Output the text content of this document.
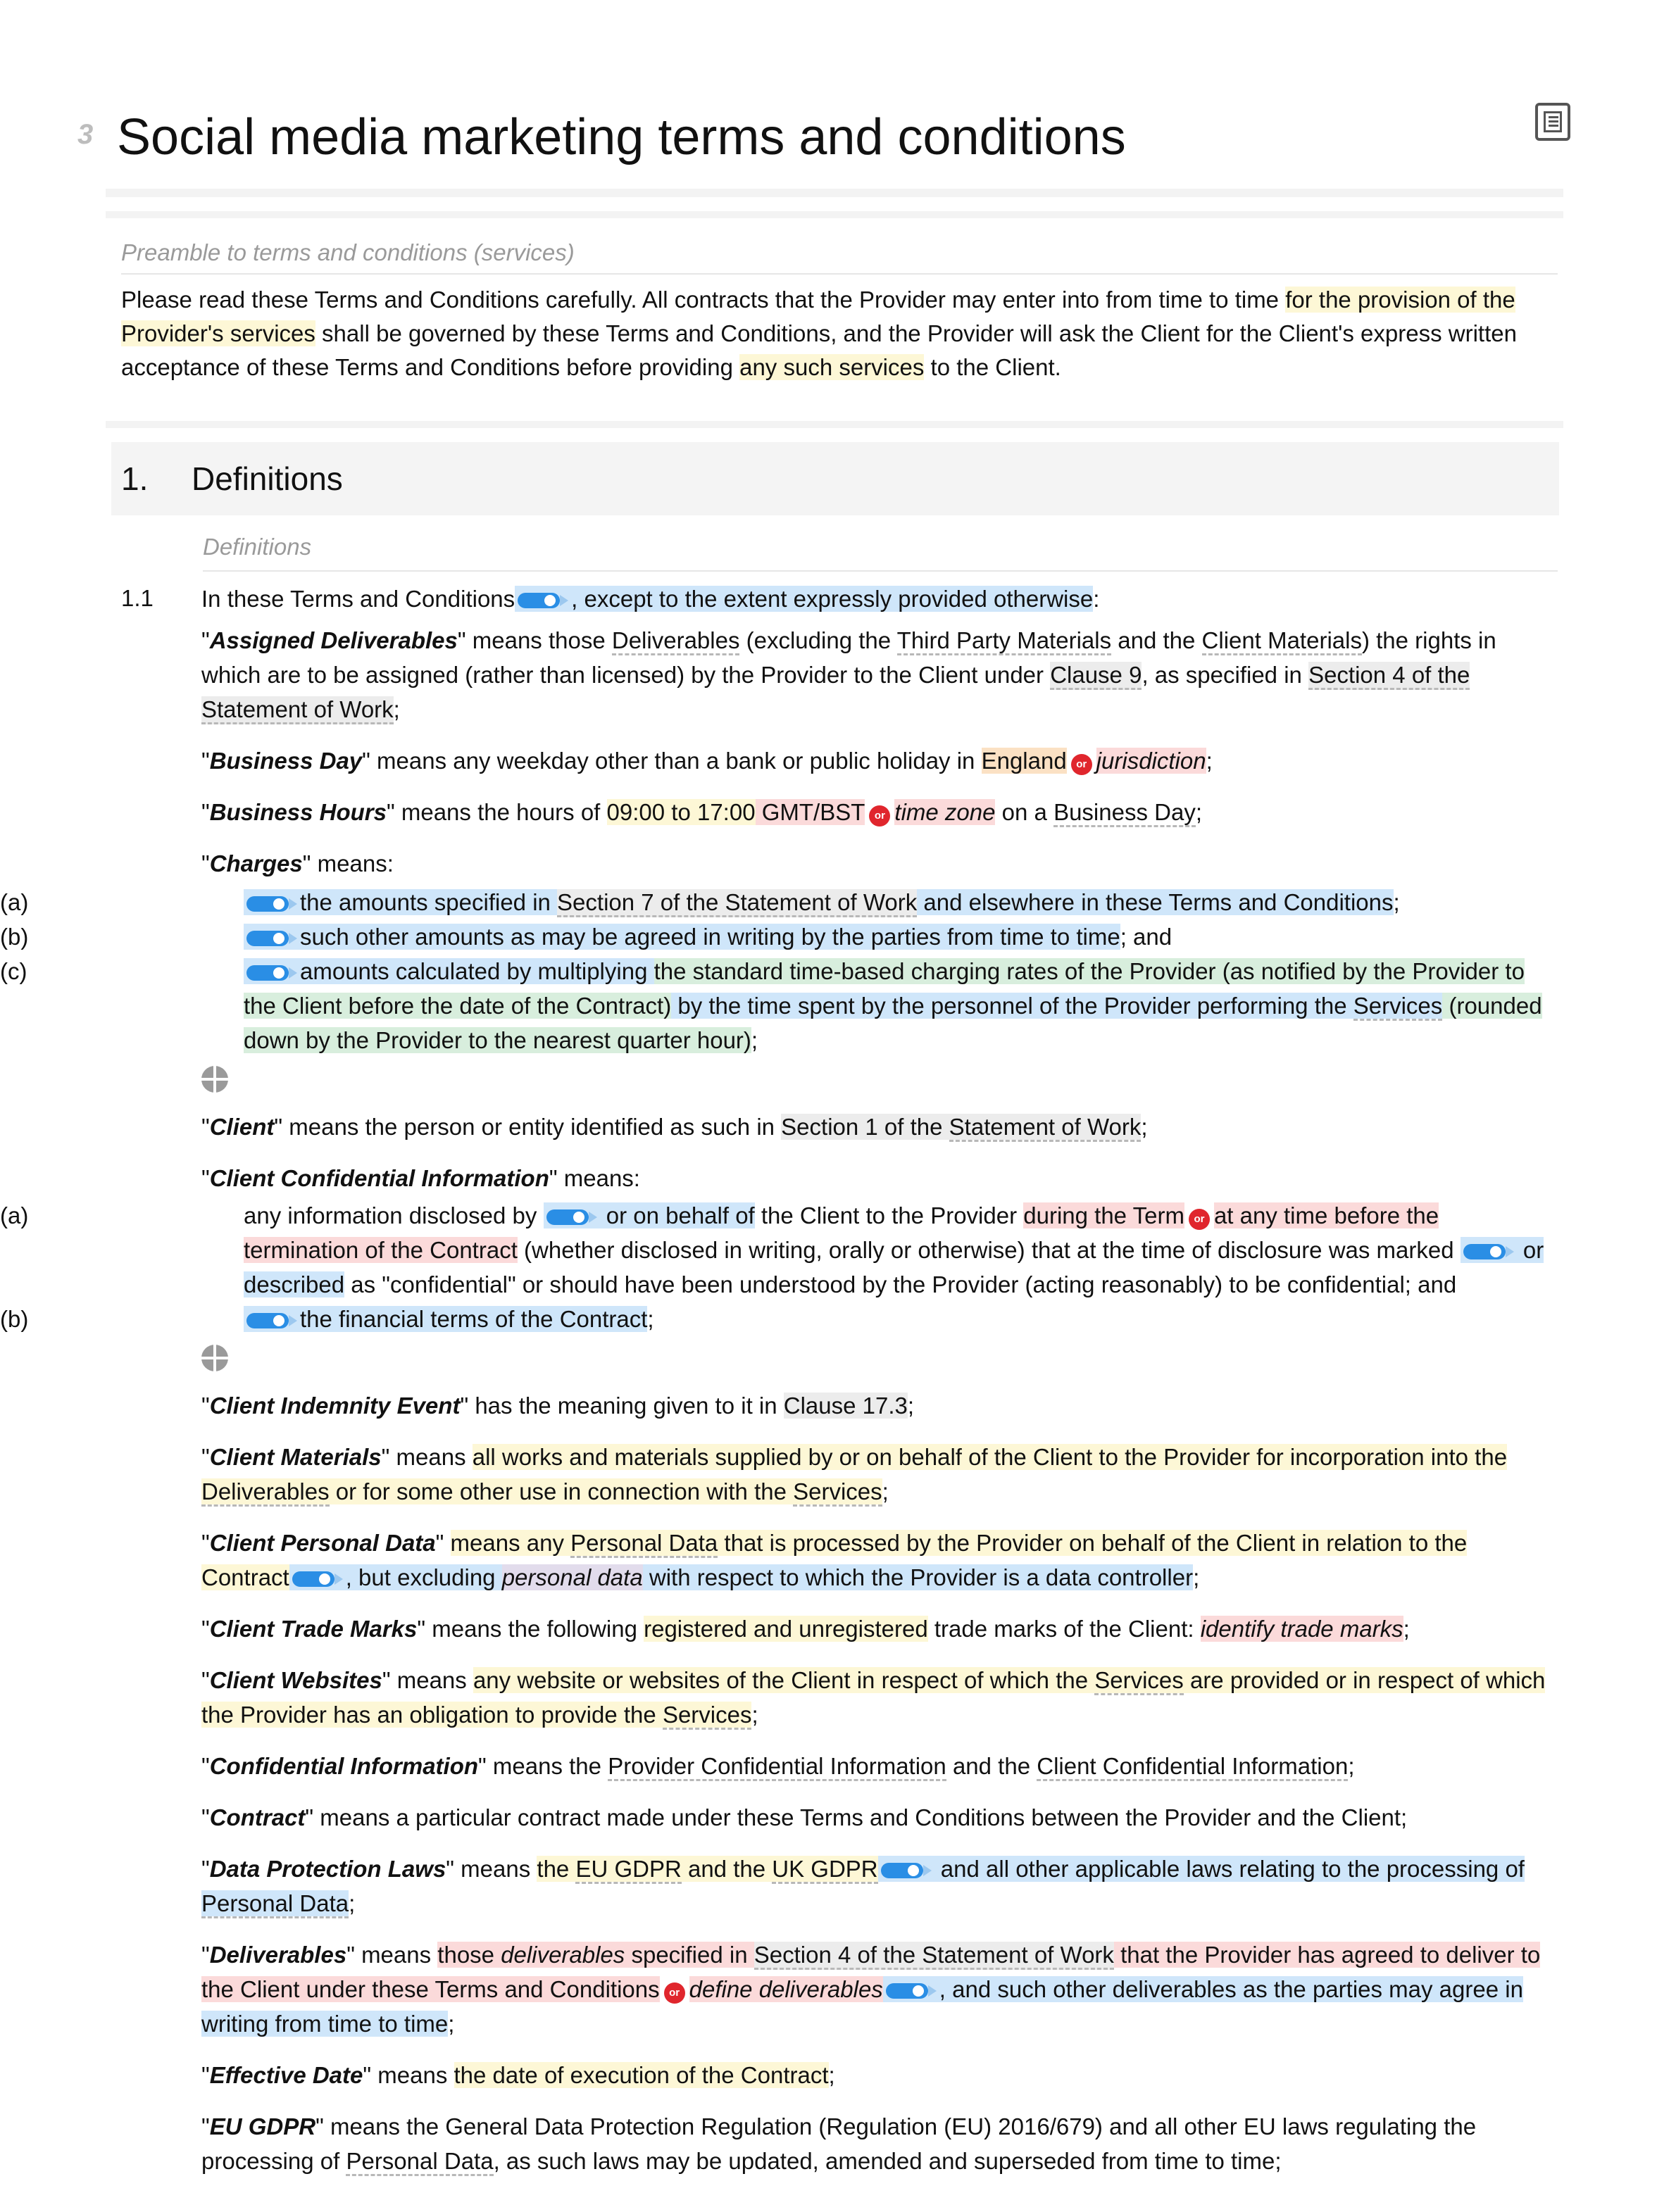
3 Social media marketing terms and conditions
Preamble to terms and conditions (services)
Please read these Terms and Conditions carefully. All contracts that the Provider may enter into from time to time for the provision of the Provider's services shall be governed by these Terms and Conditions, and the Provider will ask the Client for the Client's express written acceptance of these Terms and Conditions before providing any such services to the Client.
1. Definitions
Definitions
1.1 In these Terms and Conditions , except to the extent expressly provided otherwise:
"Assigned Deliverables" means those Deliverables (excluding the Third Party Materials and the Client Materials) the rights in which are to be assigned (rather than licensed) by the Provider to the Client under Clause 9, as specified in Section 4 of the Statement of Work;
"Business Day" means any weekday other than a bank or public holiday in England or jurisdiction;
"Business Hours" means the hours of 09:00 to 17:00 GMT/BST or time zone on a Business Day;
"Charges" means:
(a)	the amounts specified in Section 7 of the Statement of Work and elsewhere in these Terms and Conditions;
(b)	such other amounts as may be agreed in writing by the parties from time to time; and
(c)	amounts calculated by multiplying the standard time-based charging rates of the Provider (as notified by the Provider to the Client before the date of the Contract) by the time spent by the personnel of the Provider performing the Services (rounded down by the Provider to the nearest quarter hour);
"Client" means the person or entity identified as such in Section 1 of the Statement of Work;
"Client Confidential Information" means:
(a)	any information disclosed by
or on behalf of the Client to the Provider during the Term or at any time before the termination of the Contract (whether disclosed in writing, orally or otherwise) that at the time of disclosure was marked
or described as "confidential" or should have been understood by the Provider (acting reasonably) to be confidential; and
(b)	the financial terms of the Contract;
"Client Indemnity Event" has the meaning given to it in Clause 17.3;
"Client Materials" means all works and materials supplied by or on behalf of the Client to the Provider for incorporation into the Deliverables or for some other use in connection with the Services;
"Client Personal Data" means any Personal Data that is processed by the Provider on behalf of the Client in relation to the Contract , but excluding personal data with respect to which the Provider is a data controller;
"Client Trade Marks" means the following registered and unregistered trade marks of the Client: identify trade marks;
"Client Websites" means any website or websites of the Client in respect of which the Services are provided or in respect of which the Provider has an obligation to provide the Services;
"Confidential Information" means the Provider Confidential Information and the Client Confidential Information;
"Contract" means a particular contract made under these Terms and Conditions between the Provider and the Client;
"Data Protection Laws" means the EU GDPR and the UK GDPR
and all other applicable laws relating to the processing of Personal Data;
"Deliverables" means those deliverables specified in Section 4 of the Statement of Work that the Provider has agreed to deliver to the Client under these Terms and Conditions or define deliverables , and such other deliverables as the parties may agree in writing from time to time;
"Effective Date" means the date of execution of the Contract;
"EU GDPR" means the General Data Protection Regulation (Regulation (EU) 2016/679) and all other EU laws regulating the processing of Personal Data, as such laws may be updated, amended and superseded from time to time;
